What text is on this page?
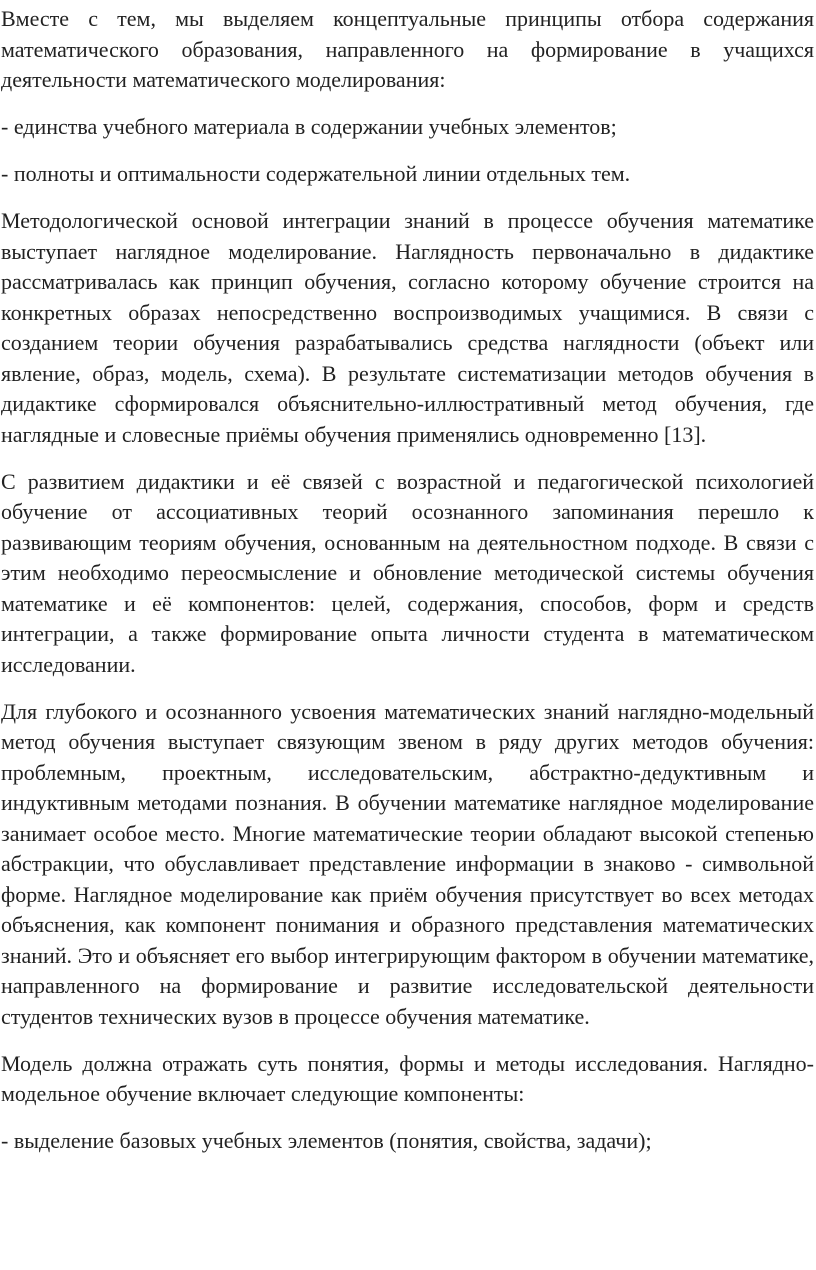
Вместе с тем, мы выделяем концептуальные принципы отбора содержания математического образования, направленного на формирование в учащихся деятельности математического моделирования:

- единства учебного материала в содержании учебных элементов;

- полноты и оптимальности содержательной линии отдельных тем.

Методологической основой интеграции знаний в процессе обучения математике выступает наглядное моделирование. Наглядность первоначально в дидактике рассматривалась как принцип обучения, согласно которому обучение строится на конкретных образах непосредственно воспроизводимых учащимися. В связи с созданием теории обучения разрабатывались средства наглядности (объект или явление, образ, модель, схема). В результате систематизации методов обучения в дидактике сформировался объяснительно-иллюстративный метод обучения, где наглядные и словесные приёмы обучения применялись одновременно [13].

С развитием дидактики и её связей с возрастной и педагогической психологией обучение от ассоциативных теорий осознанного запоминания перешло к развивающим теориям обучения, основанным на деятельностном подходе. В связи с этим необходимо переосмысление и обновление методической системы обучения математике и её компонентов: целей, содержания, способов, форм и средств интеграции, а также формирование опыта личности студента в математическом исследовании.

Для глубокого и осознанного усвоения математических знаний наглядно-модельный метод обучения выступает связующим звеном в ряду других методов обучения: проблемным, проектным, исследовательским, абстрактно-дедуктивным и индуктивным методами познания. В обучении математике наглядное моделирование занимает особое место. Многие математические теории обладают высокой степенью абстракции, что обуславливает представление информации в знаково - символьной форме. Наглядное моделирование как приём обучения присутствует во всех методах объяснения, как компонент понимания и образного представления математических знаний. Это и объясняет его выбор интегрирующим фактором в обучении математике, направленного на формирование и развитие исследовательской деятельности студентов технических вузов в процессе обучения математике.

Модель должна отражать суть понятия, формы и методы исследования. Наглядно-модельное обучение включает следующие компоненты:

- выделение базовых учебных элементов (понятия, свойства, задачи);
